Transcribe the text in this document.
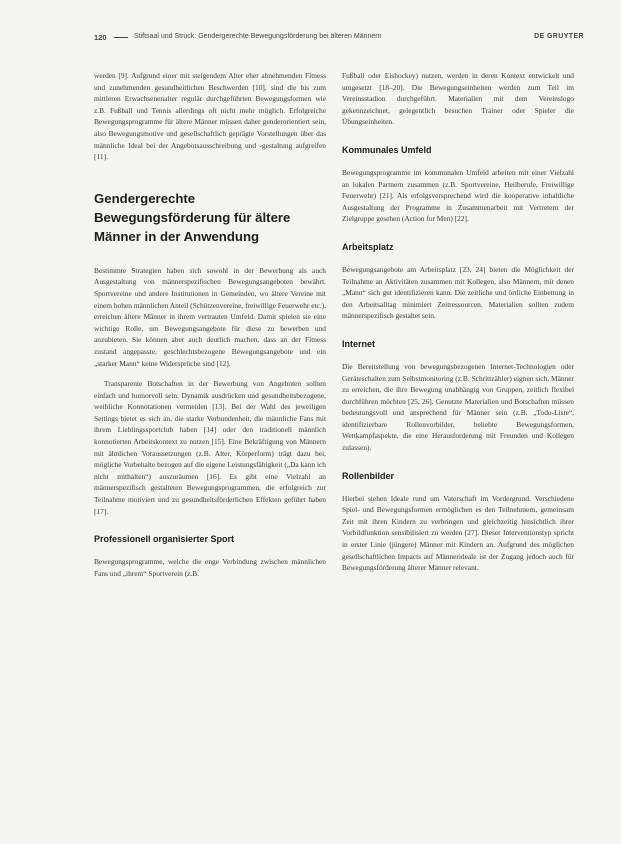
120	Stiftsaal und Struck: Gendergerechte Bewegungsförderung bei älteren Männern	DE GRUYTER

werden [9]. Aufgrund einer mit steigendem Alter eher abnehmenden Fitness und zunehmenden gesundheitlichen Beschwerden [10], sind die bis zum mittleren Erwachsenenalter regulär durchgeführten Bewegungsformen wie z.B. Fußball und Tennis allerdings oft nicht mehr möglich. Erfolgreiche Bewegungsprogramme für ältere Männer müssen daher genderorientiert sein, also Bewegungsmotive und gesellschaftlich geprägte Vorstellungen über das männliche Ideal bei der Angebotsausschreibung und -gestaltung aufgreifen [11].

Gendergerechte Bewegungsförderung für ältere Männer in der Anwendung

Bestimmte Strategien haben sich sowohl in der Bewerbung als auch Ausgestaltung von männerspezifischen Bewegungsangeboten bewährt. Sportvereine und andere Institutionen in Gemeinden, wo ältere Vereine mit einem hohen männlichen Anteil (Schützenvereine, freiwillige Feuerwehr etc.), erreichen ältere Männer in ihrem vertrauten Umfeld. Damit spielen sie eine wichtige Rolle, um Bewegungsangebote für diese zu bewerben und anzubieten. Sie können aber auch deutlich machen, dass an der Fitness zustand angepasste, geschlechtsbezogene Bewegungsangebote und ein „starker Mann“ keine Widersprüche sind [12].

Transparente Botschaften in der Bewerbung von Angeboten sollten einfach und humorvoll sein. Dynamik ausdrücken und gesundheitsbezogene, weibliche Konnotationen vermeiden [13]. Bei der Wahl des jeweiligen Settings bietet es sich an, die starke Verbundenheit, die männliche Fans mit ihrem Lieblingssportclub haben [14] oder den traditionell männlich konnotierten Arbeitskontext zu nutzen [15]. Eine Bekräftigung von Männern mit ähnlichen Voraussetzungen (z.B. Alter, Körperform) trägt dazu bei, mögliche Vorbehalte bezogen auf die eigene Leistungsfähigkeit („Da kann ich nicht mithalten“) auszuräumen [16]. Es gibt eine Vielzahl an männerspezifisch gestalteten Bewegungsprogrammen, die erfolgreich zur Teilnahme motiviert und zu gesundheitsförderlichen Effekten geführt haben [17].

Professionell organisierter Sport

Bewegungsprogramme, welche die enge Verbindung zwischen männlichen Fans und „ihrem“ Sportverein (z.B.

Fußball oder Eishockey) nutzen, werden in deren Kontext entwickelt und umgesetzt [18–20]. Die Bewegungseinheiten werden zum Teil im Vereinsstadion durchgeführt. Materialien mit dem Vereinslogo gekennzeichnet, gelegentlich besuchen Trainer oder Spieler die Übungseinheiten.

Kommunales Umfeld

Bewegungsprogramme im kommunalen Umfeld arbeiten mit einer Vielzahl an lokalen Partnern zusammen (z.B. Sportvereine, Heilberufe, Freiwillige Feuerwehr) [21]. Als erfolgsversprechend wird die kooperative inhaltliche Ausgestaltung der Programme in Zusammenarbeit mit Vertretern der Zielgruppe gesehen (Action for Men) [22].

Arbeitsplatz

Bewegungsangebote am Arbeitsplatz [23, 24] bieten die Möglichkeit der Teilnahme an Aktivitäten zusammen mit Kollegen, also Männern, mit denen „Mann“ sich gut identifizieren kann. Die zeitliche und örtliche Einbettung in den Arbeitsalltag minimiert Zeitressourcen. Materialien sollten zudem männerspezifisch gestaltet sein.

Internet

Die Bereitstellung von bewegungsbezogenen Internet-Technologien oder Geräteschalten zum Selbstmonitoring (z.B. Schrittzähler) eignen sich, Männer zu erreichen, die ihre Bewegung unabhängig von Gruppen, zeitlich flexibel durchführen möchten [25, 26]. Genutzte Materialien und Botschaften müssen bedeutungsvoll und ansprechend für Männer sein (z.B. „Todo-Liste“, identifizierbare Rollenvorbilder, beliebte Bewegungsformen, Wettkampfaspekte, die eine Herausforderung mit Freunden und Kollegen zulassen).

Rollenbilder

Hierbei stehen Ideale rund um Vaterschaft im Vordergrund. Verschiedene Spiel- und Bewegungsformen ermöglichen es den Teilnehmern, gemeinsam Zeit mit ihren Kindern zu verbringen und gleichzeitig hinsichtlich ihrer Vorbildfunktion sensibilisiert zu werden [27]. Dieser Interventionstyp spricht in erster Linie (jüngere) Männer mit Kindern an. Aufgrund des möglichen gesellschaftlichen Impacts auf Männerideale ist der Zugang jedoch auch für Bewegungsförderung älterer Männer relevant.
